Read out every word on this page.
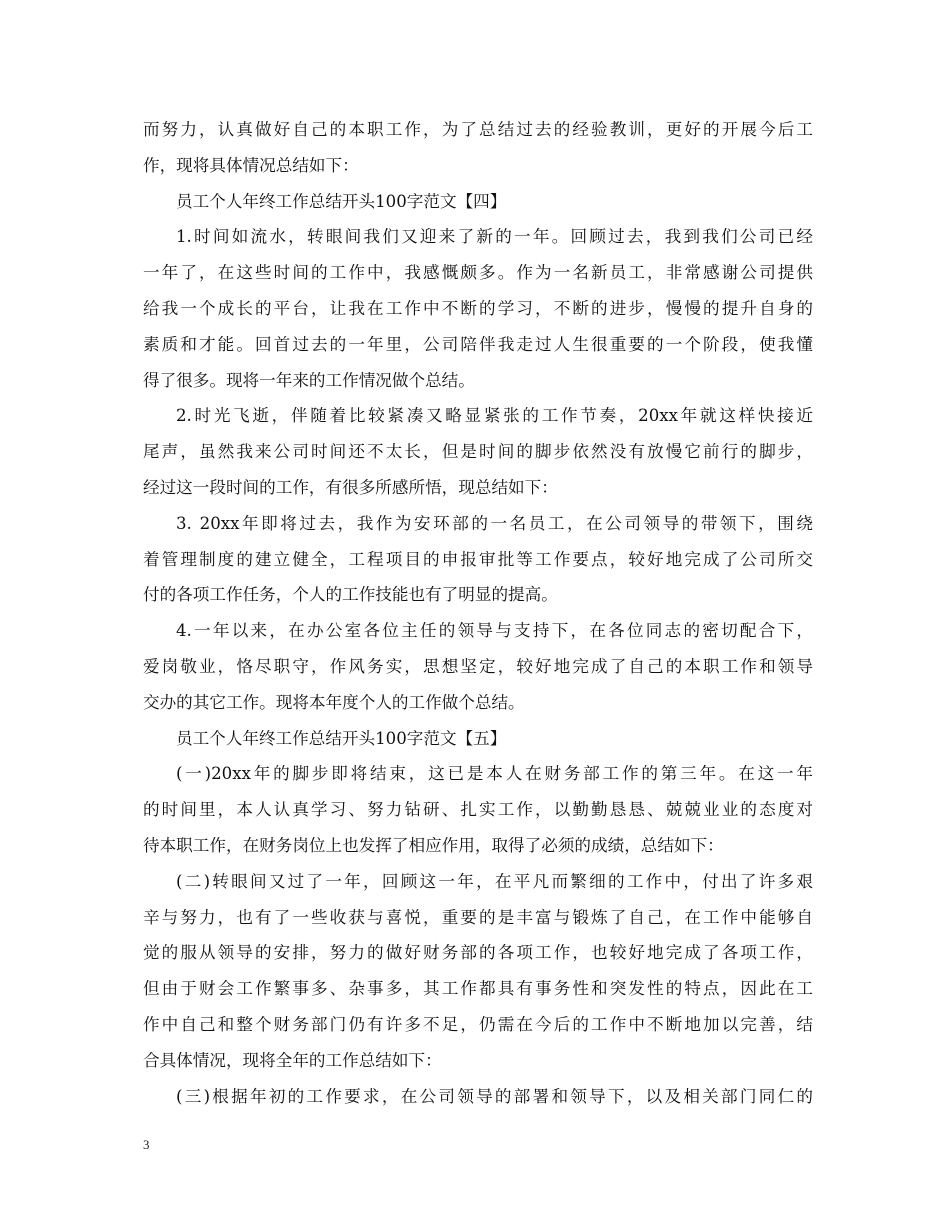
而努力，认真做好自己的本职工作，为了总结过去的经验教训，更好的开展今后工
作，现将具体情况总结如下：
员工个人年终工作总结开头100字范文【四】
1.时间如流水，转眼间我们又迎来了新的一年。回顾过去，我到我们公司已经
一年了，在这些时间的工作中，我感慨颇多。作为一名新员工，非常感谢公司提供
给我一个成长的平台，让我在工作中不断的学习，不断的进步，慢慢的提升自身的
素质和才能。回首过去的一年里，公司陪伴我走过人生很重要的一个阶段，使我懂
得了很多。现将一年来的工作情况做个总结。
2.时光飞逝，伴随着比较紧凑又略显紧张的工作节奏，20xx年就这样快接近
尾声，虽然我来公司时间还不太长，但是时间的脚步依然没有放慢它前行的脚步，
经过这一段时间的工作，有很多所感所悟，现总结如下：
3. 20xx年即将过去，我作为安环部的一名员工，在公司领导的带领下，围绕
着管理制度的建立健全，工程项目的申报审批等工作要点，较好地完成了公司所交
付的各项工作任务，个人的工作技能也有了明显的提高。
4.一年以来，在办公室各位主任的领导与支持下，在各位同志的密切配合下，
爱岗敬业，恪尽职守，作风务实，思想坚定，较好地完成了自己的本职工作和领导
交办的其它工作。现将本年度个人的工作做个总结。
员工个人年终工作总结开头100字范文【五】
(一)20xx年的脚步即将结束，这已是本人在财务部工作的第三年。在这一年
的时间里，本人认真学习、努力钻研、扎实工作，以勤勤恳恳、兢兢业业的态度对
待本职工作，在财务岗位上也发挥了相应作用，取得了必须的成绩，总结如下：
(二)转眼间又过了一年，回顾这一年，在平凡而繁细的工作中，付出了许多艰
辛与努力，也有了一些收获与喜悦，重要的是丰富与锻炼了自己，在工作中能够自
觉的服从领导的安排，努力的做好财务部的各项工作，也较好地完成了各项工作，
但由于财会工作繁事多、杂事多，其工作都具有事务性和突发性的特点，因此在工
作中自己和整个财务部门仍有许多不足，仍需在今后的工作中不断地加以完善，结
合具体情况，现将全年的工作总结如下：
(三)根据年初的工作要求，在公司领导的部署和领导下，以及相关部门同仁的
3
